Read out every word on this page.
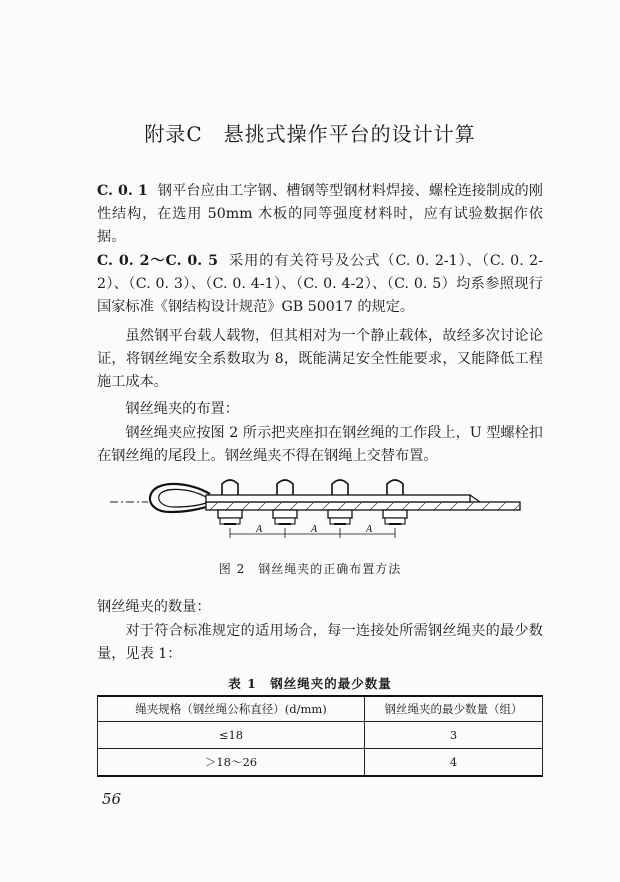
附录C　悬挑式操作平台的设计计算
C. 0. 1 钢平台应由工字钢、槽钢等型钢材料焊接、螺栓连接制成的刚性结构，在选用 50mm 木板的同等强度材料时，应有试验数据作依据。
C. 0. 2～C. 0. 5 采用的有关符号及公式（C. 0. 2-1）、（C. 0. 2-2）、（C. 0. 3）、（C. 0. 4-1）、（C. 0. 4-2）、（C. 0. 5）均系参照现行国家标准《钢结构设计规范》GB 50017 的规定。
虽然钢平台载人载物，但其相对为一个静止载体，故经多次讨论论证，将钢丝绳安全系数取为 8，既能满足安全性能要求，又能降低工程施工成本。
钢丝绳夹的布置：
钢丝绳夹应按图 2 所示把夹座扣在钢丝绳的工作段上，U 型螺栓扣在钢丝绳的尾段上。钢丝绳夹不得在钢绳上交替布置。
A	A	A
图 2　钢丝绳夹的正确布置方法
钢丝绳夹的数量：
对于符合标准规定的适用场合，每一连接处所需钢丝绳夹的最少数量，见表 1：
表 1　钢丝绳夹的最少数量
绳夹规格（钢丝绳公称直径）(d/mm)	钢丝绳夹的最少数量（组）
≤18	3
＞18～26	4
56
